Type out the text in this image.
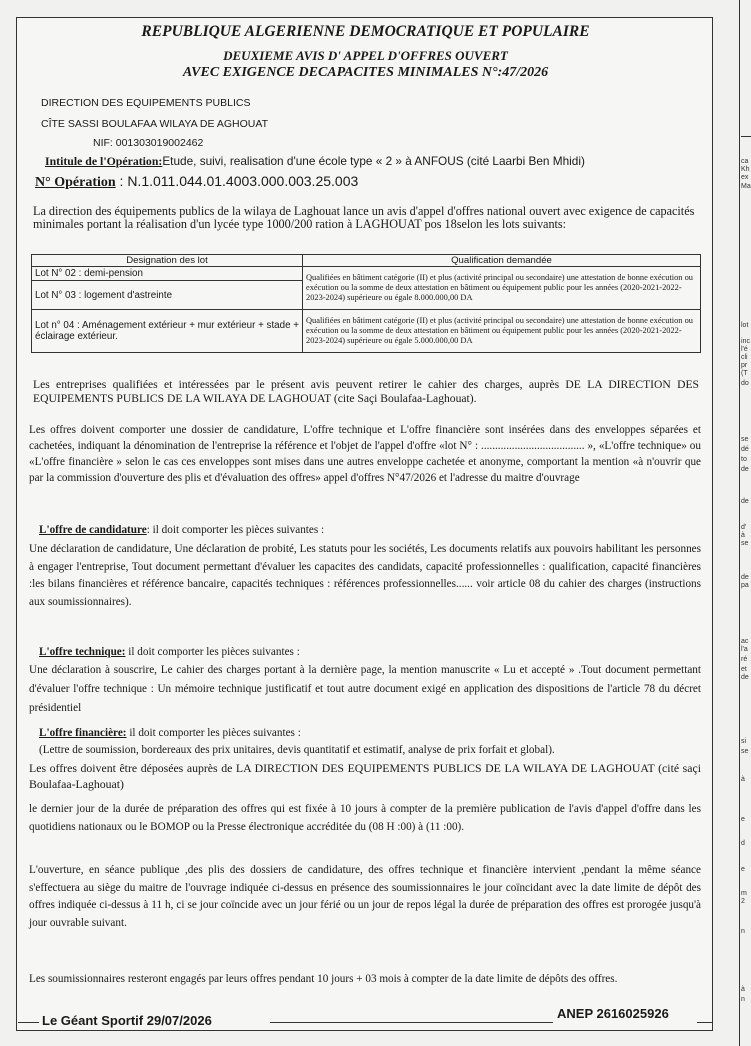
REPUBLIQUE ALGERIENNE DEMOCRATIQUE ET POPULAIRE
DEUXIEME AVIS D' APPEL D'OFFRES OUVERT
AVEC EXIGENCE DECAPACITES MINIMALES N°:47/2026
DIRECTION DES EQUIPEMENTS PUBLICS
CÎTE SASSI BOULAFAA WILAYA DE AGHOUAT
NIF: 001303019002462
Intitule de l'Opération:Etude, suivi, realisation d'une école type « 2 » à ANFOUS (cité Laarbi Ben Mhidi)
N° Opération : N.1.011.044.01.4003.000.003.25.003
La direction des équipements publics de la wilaya de Laghouat lance un avis d'appel d'offres national ouvert avec exigence de capacités minimales portant la réalisation d'un lycée type 1000/200 ration à LAGHOUAT pos 18selon les lots suivants:
Designation des lot	Qualification demandée
Lot N° 02 : demi-pension	Qualifiées en bâtiment catégorie (II) et plus (activité principal ou secondaire) une attestation de bonne exécution ou exécution ou la somme de deux attestation en bâtiment ou équipement public pour les années (2020-2021-2022-2023-2024) supérieure ou égale 8.000.000,00 DA
Lot N° 03 : logement d'astreinte	
Lot n° 04 : Aménagement extérieur + mur extérieur + stade + éclairage extérieur.	Qualifiées en bâtiment catégorie (II) et plus (activité principal ou secondaire) une attestation de bonne exécution ou exécution ou la somme de deux attestation en bâtiment ou équipement public pour les années (2020-2021-2022-2023-2024) supérieure ou égale 5.000.000,00 DA
Les entreprises qualifiées et intéressées par le présent avis peuvent retirer le cahier des charges, auprès DE LA DIRECTION DES EQUIPEMENTS PUBLICS DE LA WILAYA DE LAGHOUAT (cite Saçi Boulafaa-Laghouat).
Les offres doivent comporter une dossier de candidature, L'offre technique et L'offre financière sont insérées dans des enveloppes séparées et cachetées, indiquant la dénomination de l'entreprise la référence et l'objet de l'appel d'offre «lot N° : ..................................... », «L'offre technique» ou «L'offre financière » selon le cas ces enveloppes sont mises dans une autres enveloppe cachetée et anonyme, comportant la mention «à n'ouvrir que par la commission d'ouverture des plis et d'évaluation des offres» appel d'offres N°47/2026 et l'adresse du maitre d'ouvrage
L'offre de candidature: il doit comporter les pièces suivantes :
Une déclaration de candidature, Une déclaration de probité, Les statuts pour les sociétés, Les documents relatifs aux pouvoirs habilitant les personnes à engager l'entreprise, Tout document permettant d'évaluer les capacites des candidats, capacité professionnelles : qualification, capacité financières :les bilans financières et référence bancaire, capacités techniques : références professionnelles...... voir article 08 du cahier des charges (instructions aux soumissionnaires).
L'offre technique: il doit comporter les pièces suivantes :
Une déclaration à souscrire, Le cahier des charges portant à la dernière page, la mention manuscrite « Lu et accepté » .Tout document permettant d'évaluer l'offre technique : Un mémoire technique justificatif et tout autre document exigé en application des dispositions de l'article 78 du décret présidentiel
L'offre financière: il doit comporter les pièces suivantes :
(Lettre de soumission, bordereaux des prix unitaires, devis quantitatif et estimatif, analyse de prix forfait et global).
Les offres doivent être déposées auprès de LA DIRECTION DES EQUIPEMENTS PUBLICS DE LA WILAYA DE LAGHOUAT (cité saçi Boulafaa-Laghouat)
le dernier jour de la durée de préparation des offres qui est fixée à 10 jours à compter de la première publication de l'avis d'appel d'offre dans les quotidiens nationaux ou le BOMOP ou la Presse électronique accréditée du (08 H :00) à (11 :00).
L'ouverture, en séance publique ,des plis des dossiers de candidature, des offres technique et financière intervient ,pendant la même séance s'effectuera au siège du maitre de l'ouvrage indiquée ci-dessus en présence des soumissionnaires le jour coïncidant avec la date limite de dépôt des offres indiquée ci-dessus à 11 h, ci se jour coïncide avec un jour férié ou un jour de repos légal la durée de préparation des offres est prorogée jusqu'à jour ouvrable suivant.
Les soumissionnaires resteront engagés par leurs offres pendant 10 jours + 03 mois à compter de la date limite de dépôts des offres.
Le Géant Sportif 29/07/2026	ANEP 2616025926
ca
Kh
ex
Ma
lot
inc
l'é
cli
pr
(T
do
se
dé
to
de
de
d'
à
se
de
pa
ac
l'a
ré
et
de
si
se
à
e
d
e
m
2
n
à
n
